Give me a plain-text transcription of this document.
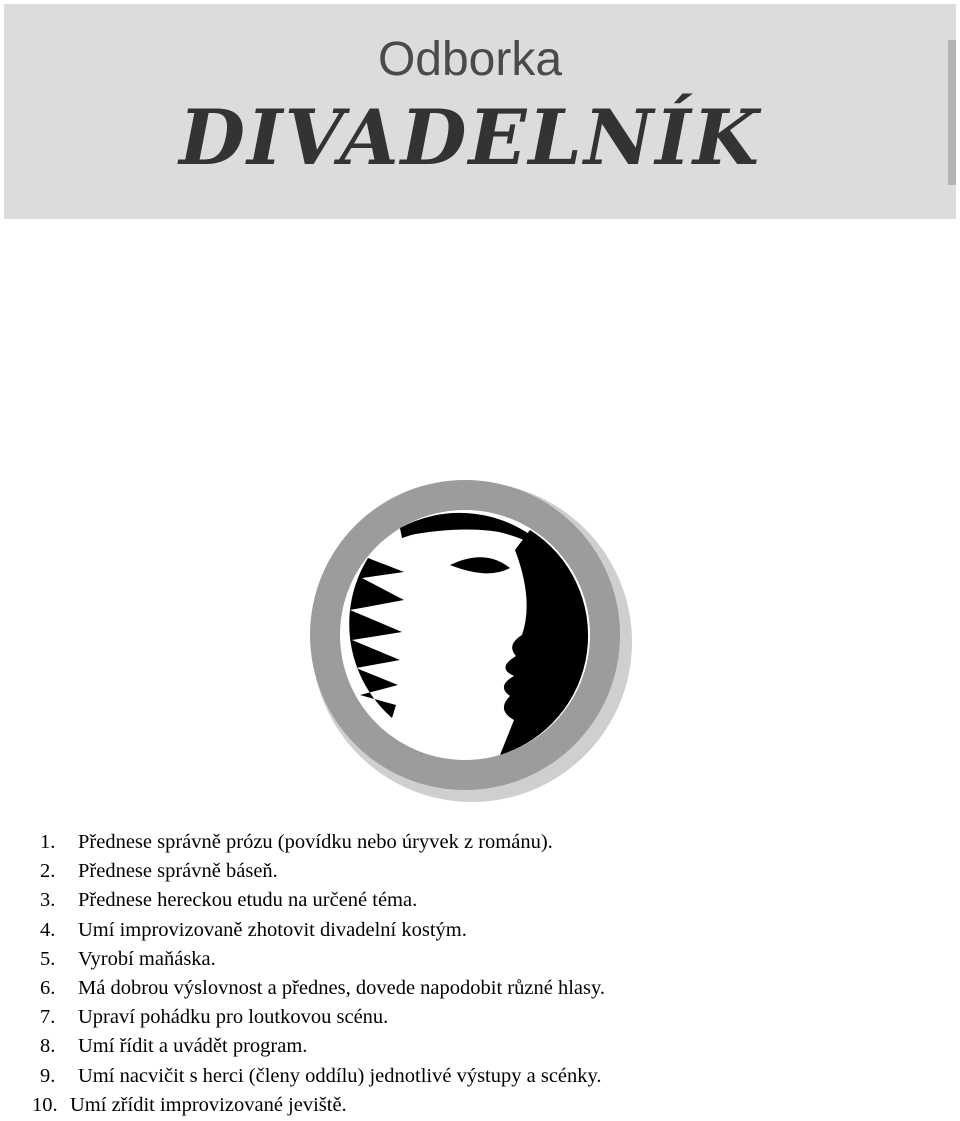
Odborka
DIVADELNÍK
1. Přednese správně prózu (povídku nebo úryvek z románu).
2. Přednese správně báseň.
3. Přednese hereckou etudu na určené téma.
4. Umí improvizovaně zhotovit divadelní kostým.
5. Vyrobí maňáska.
6. Má dobrou výslovnost a přednes, dovede napodobit různé hlasy.
7. Upraví pohádku pro loutkovou scénu.
8. Umí řídit a uvádět program.
9. Umí nacvičit s herci (členy oddílu) jednotlivé výstupy a scénky.
10. Umí zřídit improvizované jeviště.
